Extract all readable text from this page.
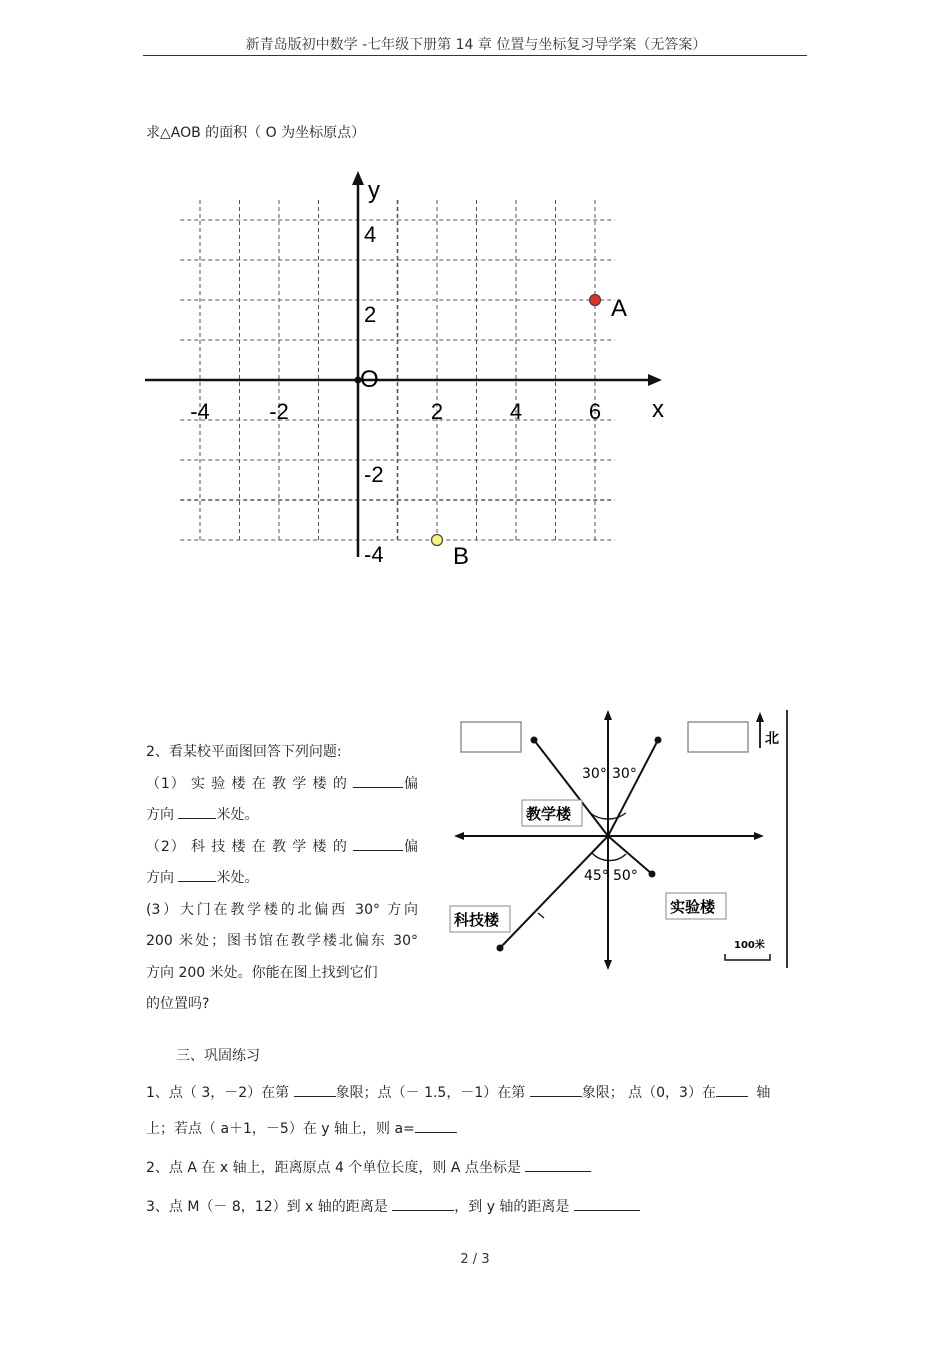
新青岛版初中数学 -七年级下册第 14 章 位置与坐标复习导学案（无答案）
求△AOB 的面积（ O 为坐标原点）
y
x
O
-4	-2	2	4	6
4
2
-2
-4
A
B

2、看某校平面图回答下列问题:

（1） 实 验 楼 在 教 学 楼 的	偏

方向	米处。

（2） 科 技 楼 在 教 学 楼 的	偏

方向	米处。

(3）大门在教学楼的北偏西 30° 方向

200 米处；图书馆在教学楼北偏东 30°

方向 200 米处。你能在图上找到它们

的位置吗?

北
30° 30°
45° 50°
教学楼
科技楼
实验楼
100米
三、巩固练习
1、点（ 3，－2）在第	象限；点（－ 1.5，－1）在第	象限； 点（0，3）在	轴
上；若点（ a＋1，－5）在 y 轴上，则 a=
2、点 A 在 x 轴上，距离原点 4 个单位长度，则 A 点坐标是
3、点 M（－ 8，12）到 x 轴的距离是	，到 y 轴的距离是
2 / 3
